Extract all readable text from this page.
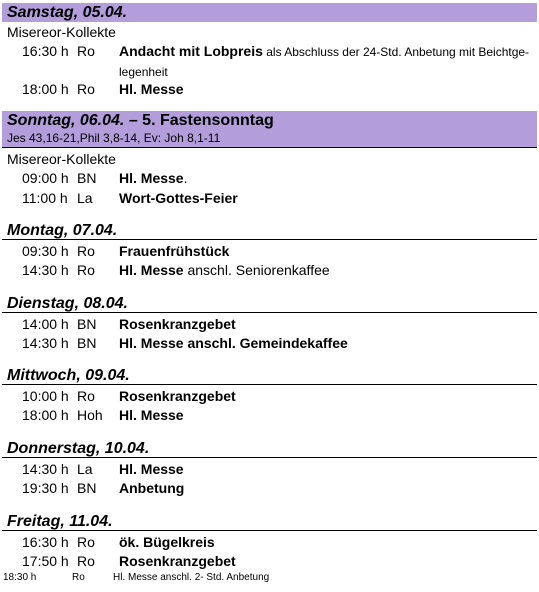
Samstag, 05.04.
Misereor-Kollekte
16:30 h Ro Andacht mit Lobpreis als Abschluss der 24-Std. Anbetung mit Beichtge-legenheit
18:00 h Ro Hl. Messe
Sonntag, 06.04. – 5. Fastensonntag
Jes 43,16-21,Phil 3,8-14, Ev: Joh 8,1-11
Misereor-Kollekte
09:00 h BN Hl. Messe.
11:00 h La Wort-Gottes-Feier
Montag, 07.04.
09:30 h Ro Frauenfrühstück
14:30 h Ro Hl. Messe anschl. Seniorenkaffee
Dienstag, 08.04.
14:00 h BN Rosenkranzgebet
14:30 h BN Hl. Messe anschl. Gemeindekaffee
Mittwoch, 09.04.
10:00 h Ro Rosenkranzgebet
18:00 h Hoh Hl. Messe
Donnerstag, 10.04.
14:30 h La Hl. Messe
19:30 h BN Anbetung
Freitag, 11.04.
16:30 h Ro ök. Bügelkreis
17:50 h Ro Rosenkranzgebet
18:30 h	Ro	Hl. Messe anschl. 2- Std. Anbetung
